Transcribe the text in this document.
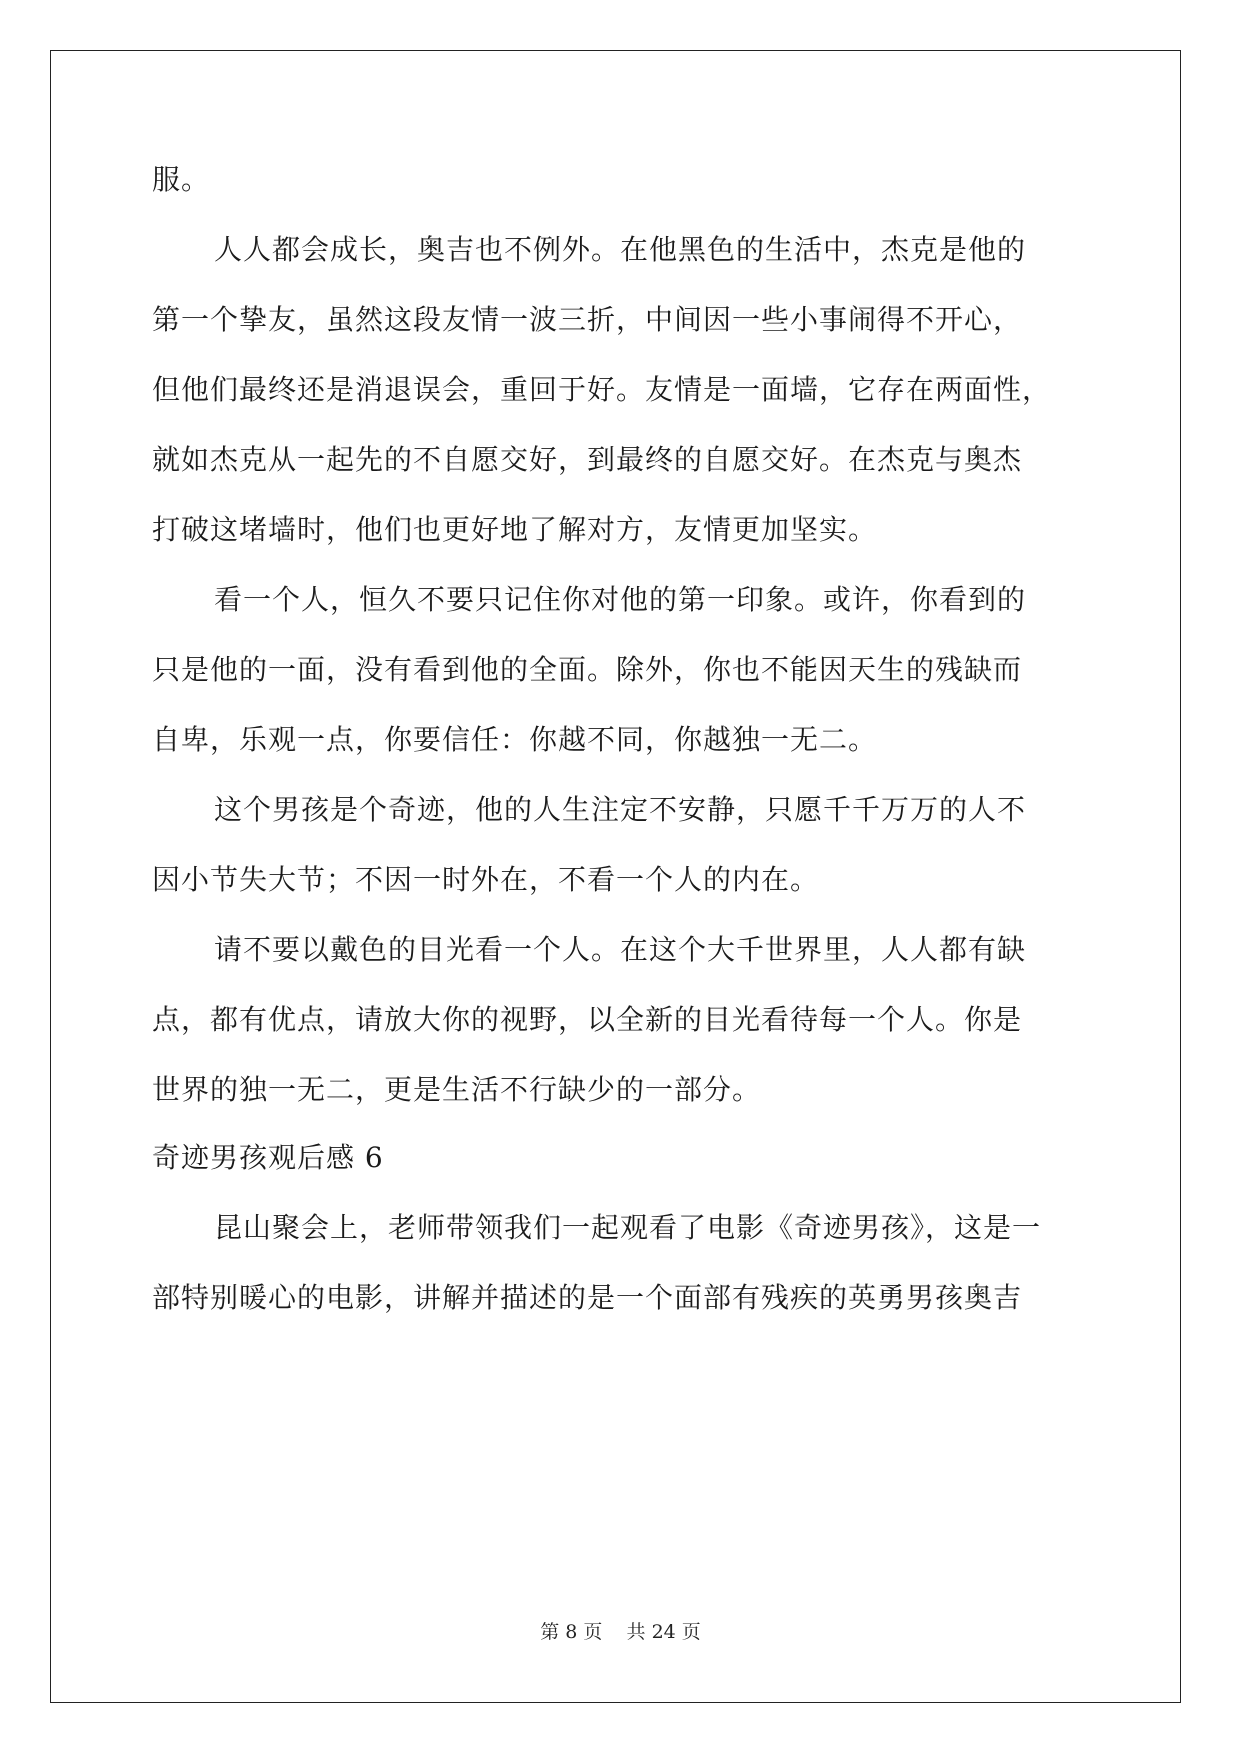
服。
人人都会成长，奥吉也不例外。在他黑色的生活中，杰克是他的
第一个挚友，虽然这段友情一波三折，中间因一些小事闹得不开心，
但他们最终还是消退误会，重回于好。友情是一面墙，它存在两面性，
就如杰克从一起先的不自愿交好，到最终的自愿交好。在杰克与奥杰
打破这堵墙时，他们也更好地了解对方，友情更加坚实。
看一个人，恒久不要只记住你对他的第一印象。或许，你看到的
只是他的一面，没有看到他的全面。除外，你也不能因天生的残缺而
自卑，乐观一点，你要信任：你越不同，你越独一无二。
这个男孩是个奇迹，他的人生注定不安静，只愿千千万万的人不
因小节失大节；不因一时外在，不看一个人的内在。
请不要以戴色的目光看一个人。在这个大千世界里，人人都有缺
点，都有优点，请放大你的视野，以全新的目光看待每一个人。你是
世界的独一无二，更是生活不行缺少的一部分。
奇迹男孩观后感 6
昆山聚会上，老师带领我们一起观看了电影《奇迹男孩》，这是一
部特别暖心的电影，讲解并描述的是一个面部有残疾的英勇男孩奥吉
第 8 页    共 24 页
